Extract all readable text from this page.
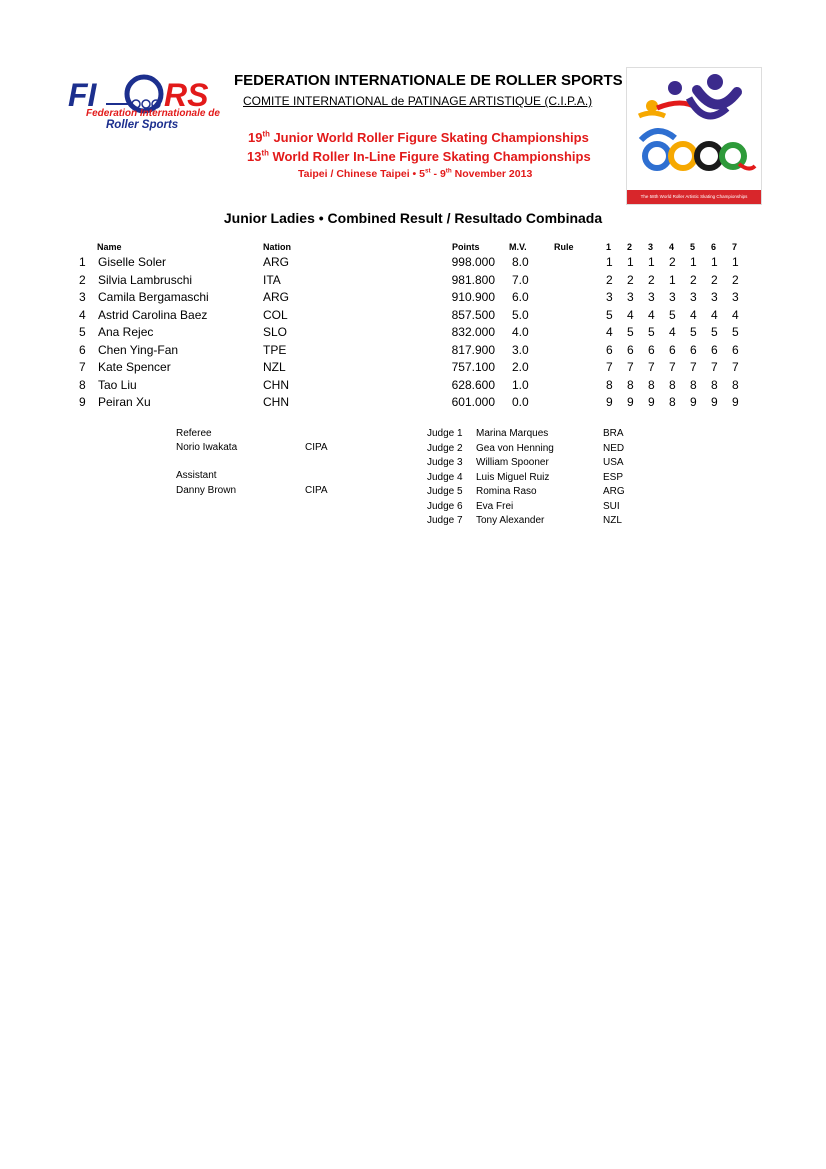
FI RS
Federation Internationale de
Roller Sports
FEDERATION INTERNATIONALE DE ROLLER SPORTS
COMITE INTERNATIONAL de PATINAGE ARTISTIQUE (C.I.P.A.)
19th Junior World Roller Figure Skating Championships
13th World Roller In-Line Figure Skating Championships
Taipei / Chinese Taipei • 5st - 9th November 2013
The 58th World Roller Artistic Skating Championships
Junior Ladies • Combined Result / Resultado Combinada
Name	Nation	Points	M.V.	Rule	1 2 3 4 5 6 7
1 Giselle Soler	ARG	998.000 8.0	1 1 1 2 1 1 1
2 Silvia Lambruschi	ITA	981.800 7.0	2 2 2 1 2 2 2
3 Camila Bergamaschi	ARG	910.900 6.0	3 3 3 3 3 3 3
4 Astrid Carolina Baez	COL	857.500 5.0	5 4 4 5 4 4 4
5 Ana Rejec	SLO	832.000 4.0	4 5 5 4 5 5 5
6 Chen Ying-Fan	TPE	817.900 3.0	6 6 6 6 6 6 6
7 Kate Spencer	NZL	757.100 2.0	7 7 7 7 7 7 7
8 Tao Liu	CHN	628.600 1.0	8 8 8 8 8 8 8
9 Peiran Xu	CHN	601.000 0.0	9 9 9 8 9 9 9
Referee
Norio Iwakata	CIPA
Assistant
Danny Brown	CIPA
Judge 1 Marina Marques	BRA
Judge 2 Gea von Henning	NED
Judge 3 William Spooner	USA
Judge 4 Luis Miguel Ruiz	ESP
Judge 5 Romina Raso	ARG
Judge 6 Eva Frei	SUI
Judge 7 Tony Alexander	NZL
